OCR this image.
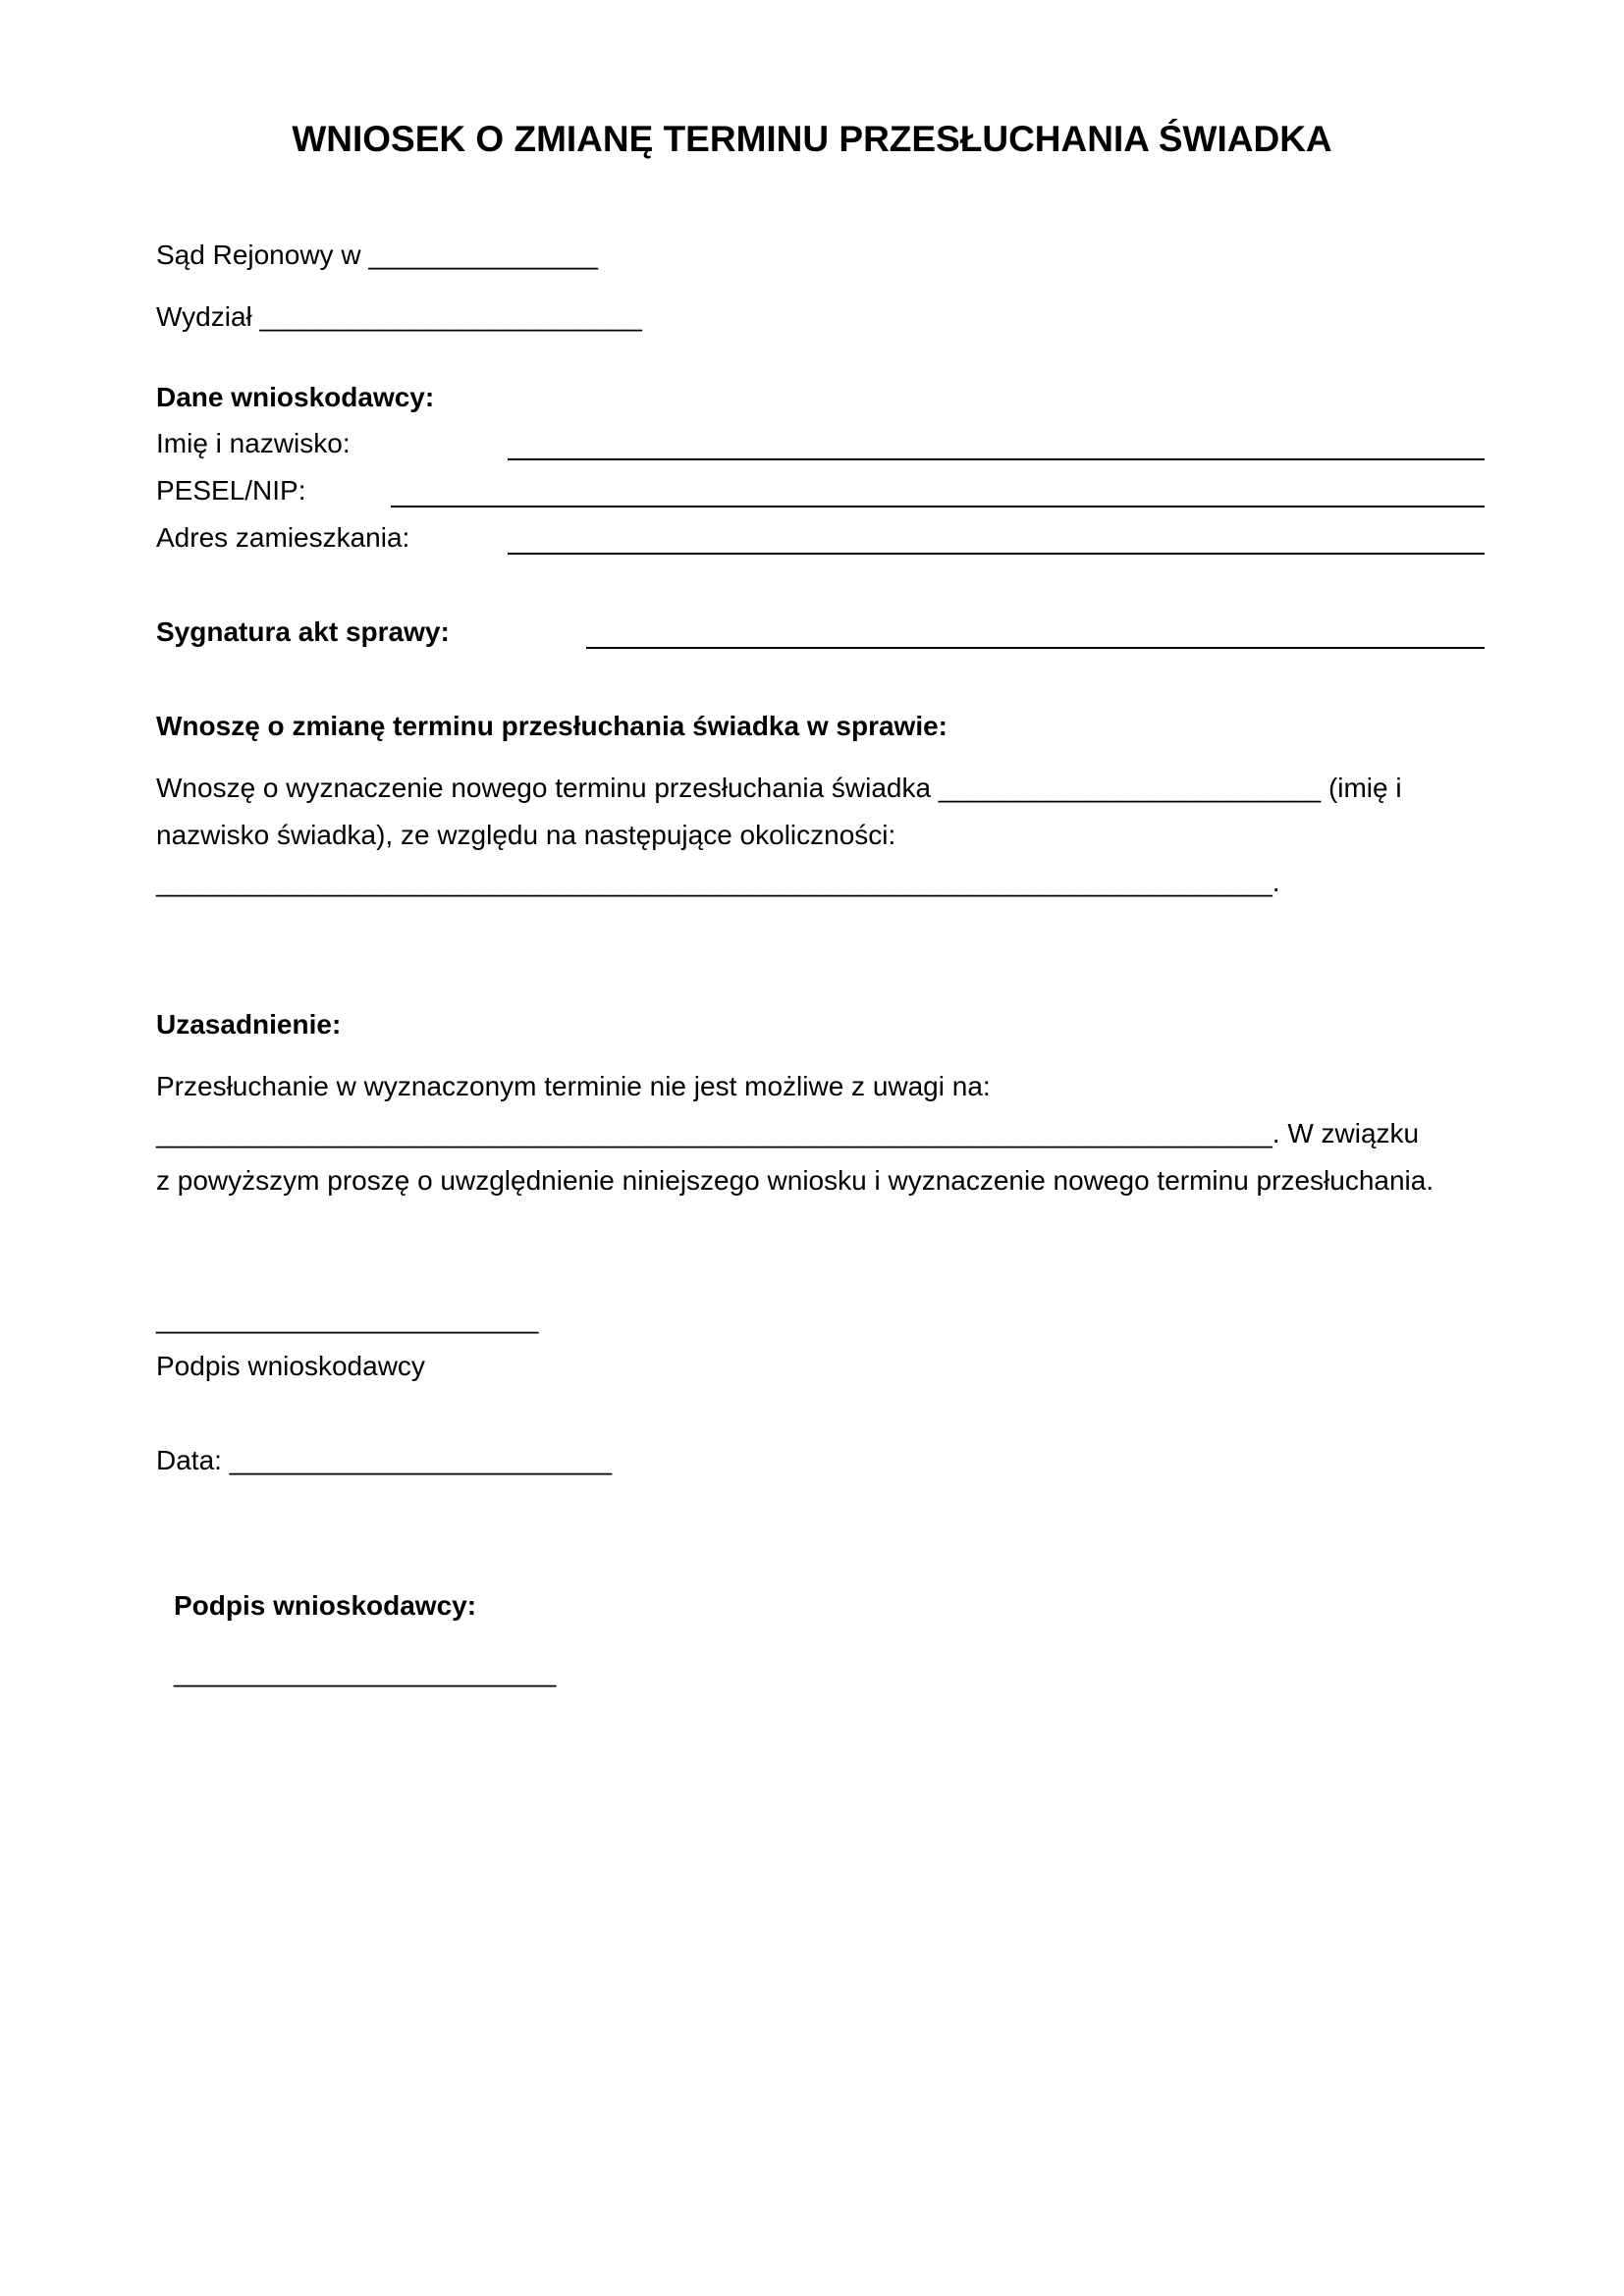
WNIOSEK O ZMIANĘ TERMINU PRZESŁUCHANIA ŚWIADKA
Sąd Rejonowy w _______________
Wydział _________________________
Dane wnioskodawcy:
Imię i nazwisko:
PESEL/NIP:
Adres zamieszkania:
Sygnatura akt sprawy:
Wnoszę o zmianę terminu przesłuchania świadka w sprawie:
Wnoszę o wyznaczenie nowego terminu przesłuchania świadka _________________________ (imię i
nazwisko świadka), ze względu na następujące okoliczności:
_________________________________________________________________________.
Uzasadnienie:
Przesłuchanie w wyznaczonym terminie nie jest możliwe z uwagi na:
_________________________________________________________________________. W związku
z powyższym proszę o uwzględnienie niniejszego wniosku i wyznaczenie nowego terminu przesłuchania.
_________________________
Podpis wnioskodawcy
Data: _________________________
Podpis wnioskodawcy:
_________________________
